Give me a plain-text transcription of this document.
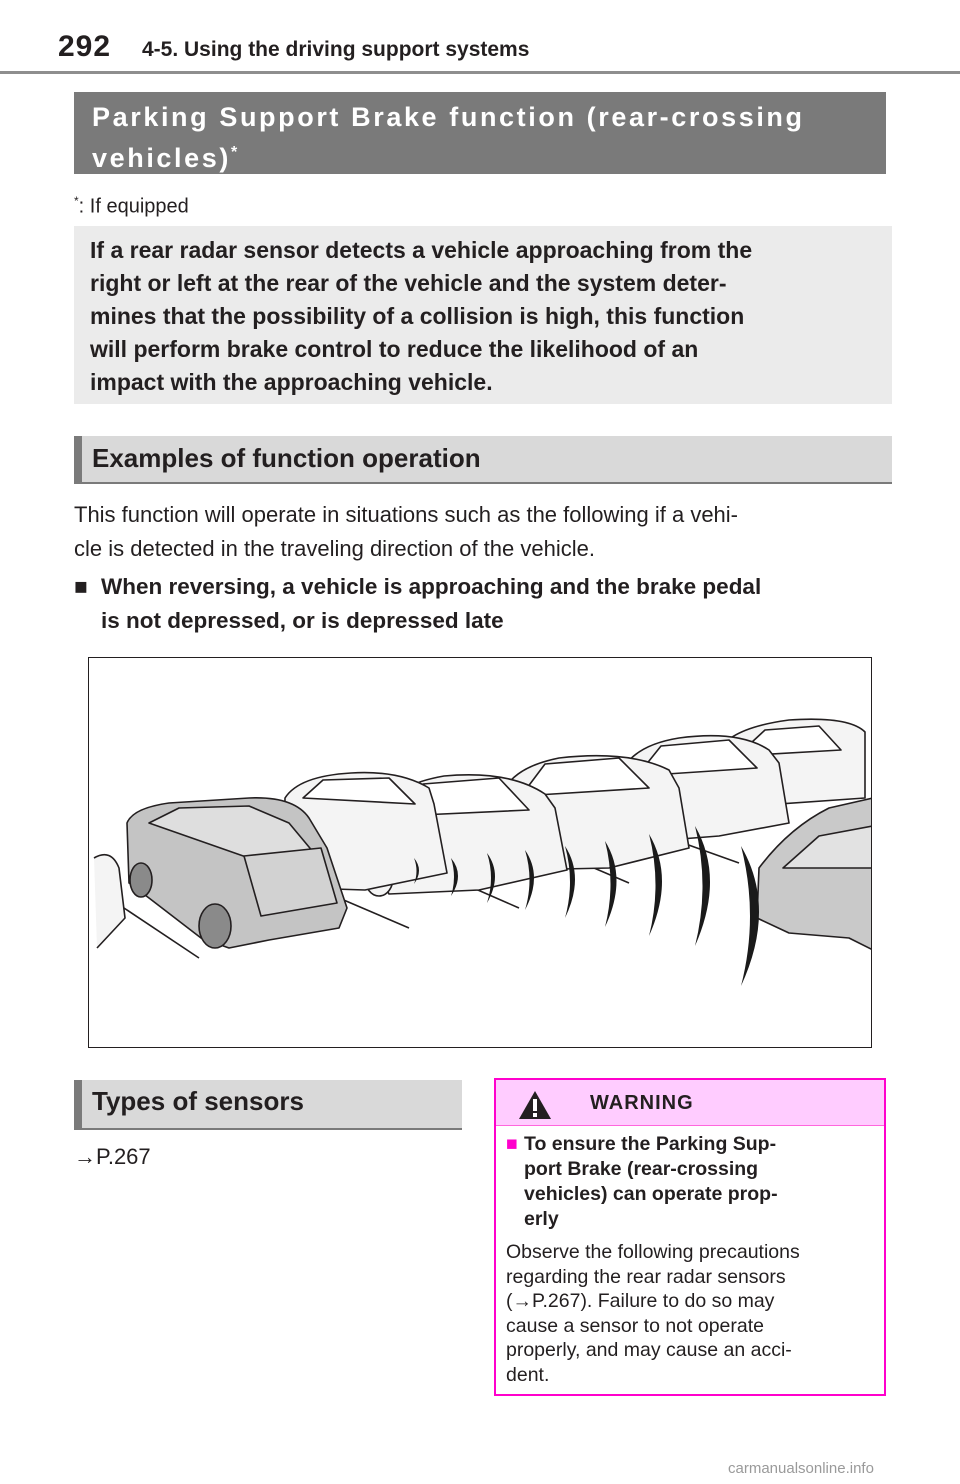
292 4-5. Using the driving support systems
Parking Support Brake function (rear-crossing
vehicles)*
*: If equipped
If a rear radar sensor detects a vehicle approaching from the
right or left at the rear of the vehicle and the system deter-
mines that the possibility of a collision is high, this function
will perform brake control to reduce the likelihood of an
impact with the approaching vehicle.
Examples of function operation
This function will operate in situations such as the following if a vehi-
cle is detected in the traveling direction of the vehicle.
■ When reversing, a vehicle is approaching and the brake pedal
is not depressed, or is depressed late
Types of sensors
→P.267
WARNING
■ To ensure the Parking Sup-
port Brake (rear-crossing
vehicles) can operate prop-
erly
Observe the following precautions
regarding the rear radar sensors
(→P.267). Failure to do so may
cause a sensor to not operate
properly, and may cause an acci-
dent.
carmanualsonline.info
